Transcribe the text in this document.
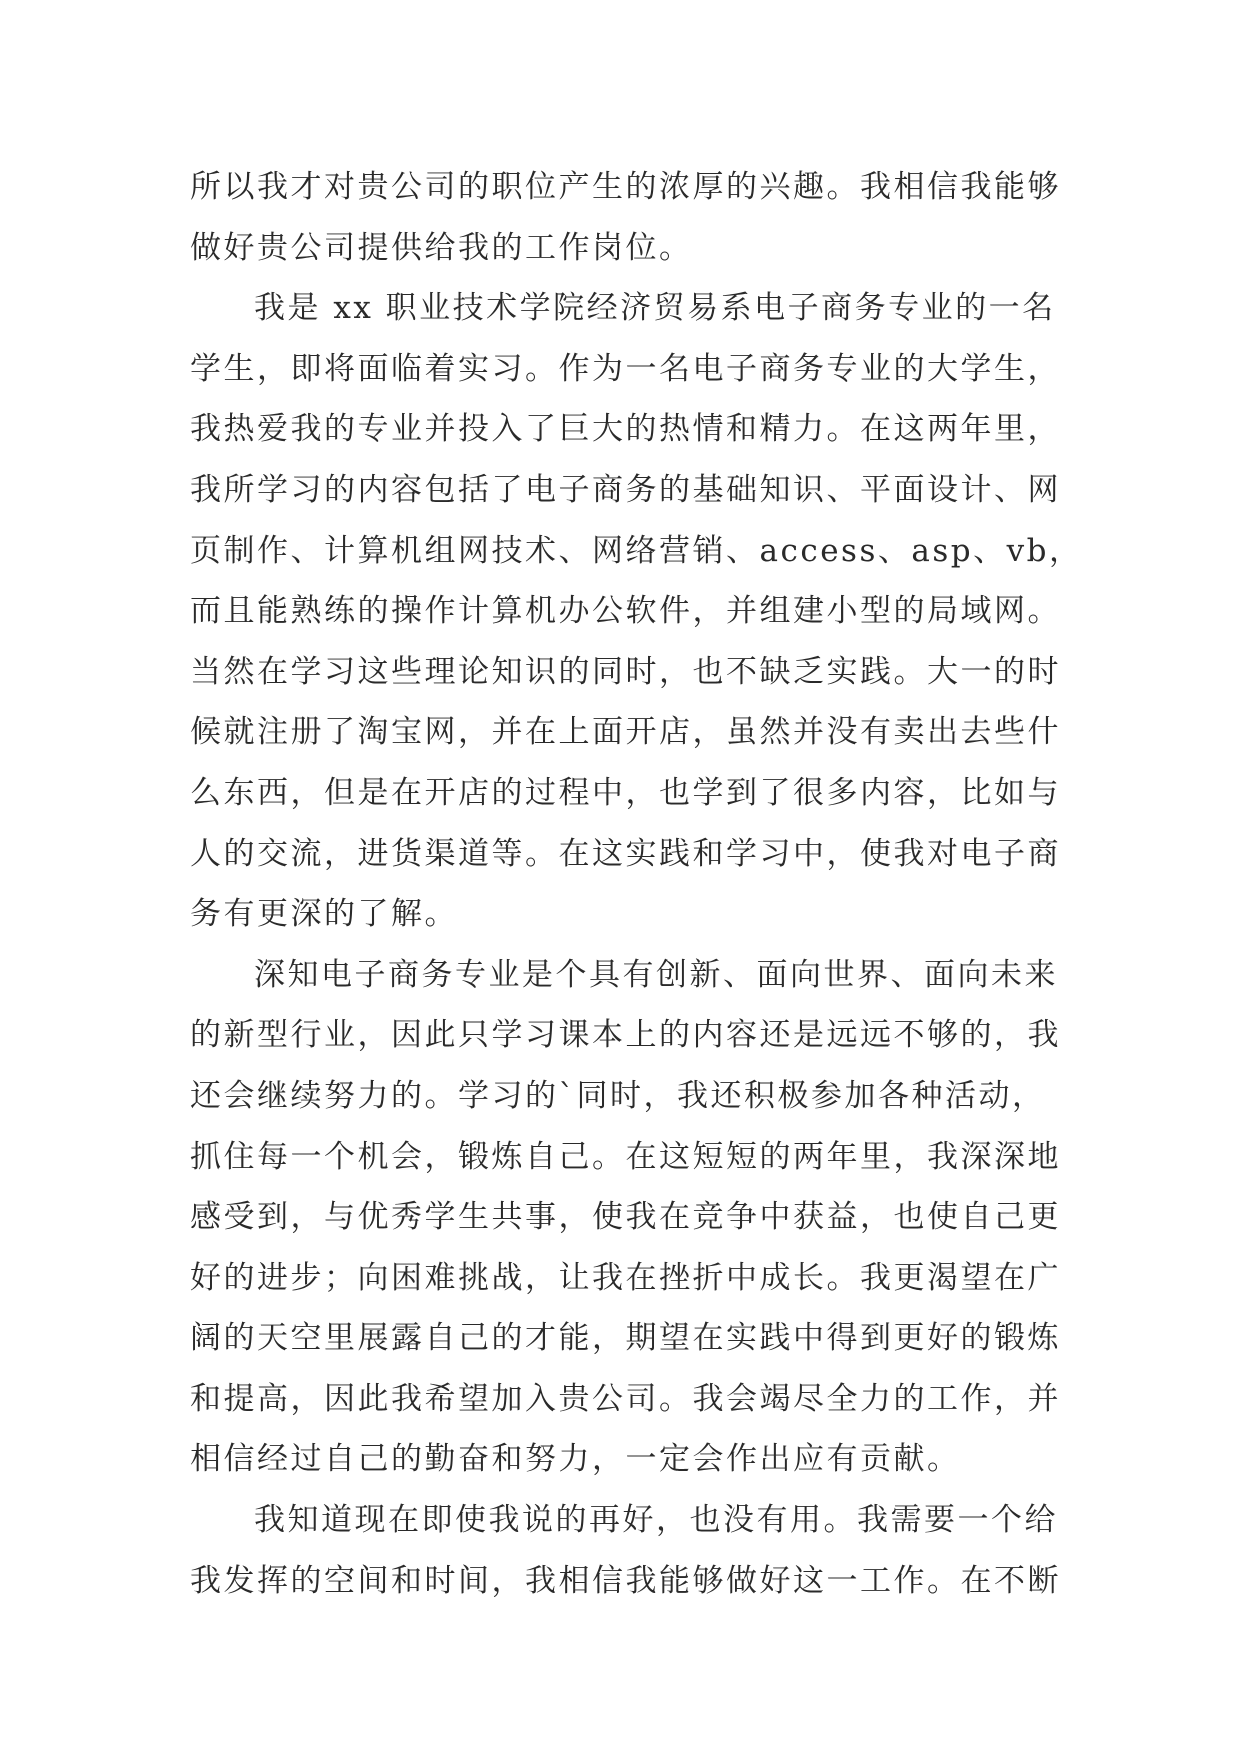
所以我才对贵公司的职位产生的浓厚的兴趣。我相信我能够
做好贵公司提供给我的工作岗位。
我是 xx 职业技术学院经济贸易系电子商务专业的一名
学生，即将面临着实习。作为一名电子商务专业的大学生，
我热爱我的专业并投入了巨大的热情和精力。在这两年里，
我所学习的内容包括了电子商务的基础知识、平面设计、网
页制作、计算机组网技术、网络营销、access、asp、vb，
而且能熟练的操作计算机办公软件，并组建小型的局域网。
当然在学习这些理论知识的同时，也不缺乏实践。大一的时
候就注册了淘宝网，并在上面开店，虽然并没有卖出去些什
么东西，但是在开店的过程中，也学到了很多内容，比如与
人的交流，进货渠道等。在这实践和学习中，使我对电子商
务有更深的了解。
深知电子商务专业是个具有创新、面向世界、面向未来
的新型行业，因此只学习课本上的内容还是远远不够的，我
还会继续努力的。学习的`同时，我还积极参加各种活动，
抓住每一个机会，锻炼自己。在这短短的两年里，我深深地
感受到，与优秀学生共事，使我在竞争中获益，也使自己更
好的进步；向困难挑战，让我在挫折中成长。我更渴望在广
阔的天空里展露自己的才能，期望在实践中得到更好的锻炼
和提高，因此我希望加入贵公司。我会竭尽全力的工作，并
相信经过自己的勤奋和努力，一定会作出应有贡献。
我知道现在即使我说的再好，也没有用。我需要一个给
我发挥的空间和时间，我相信我能够做好这一工作。在不断
